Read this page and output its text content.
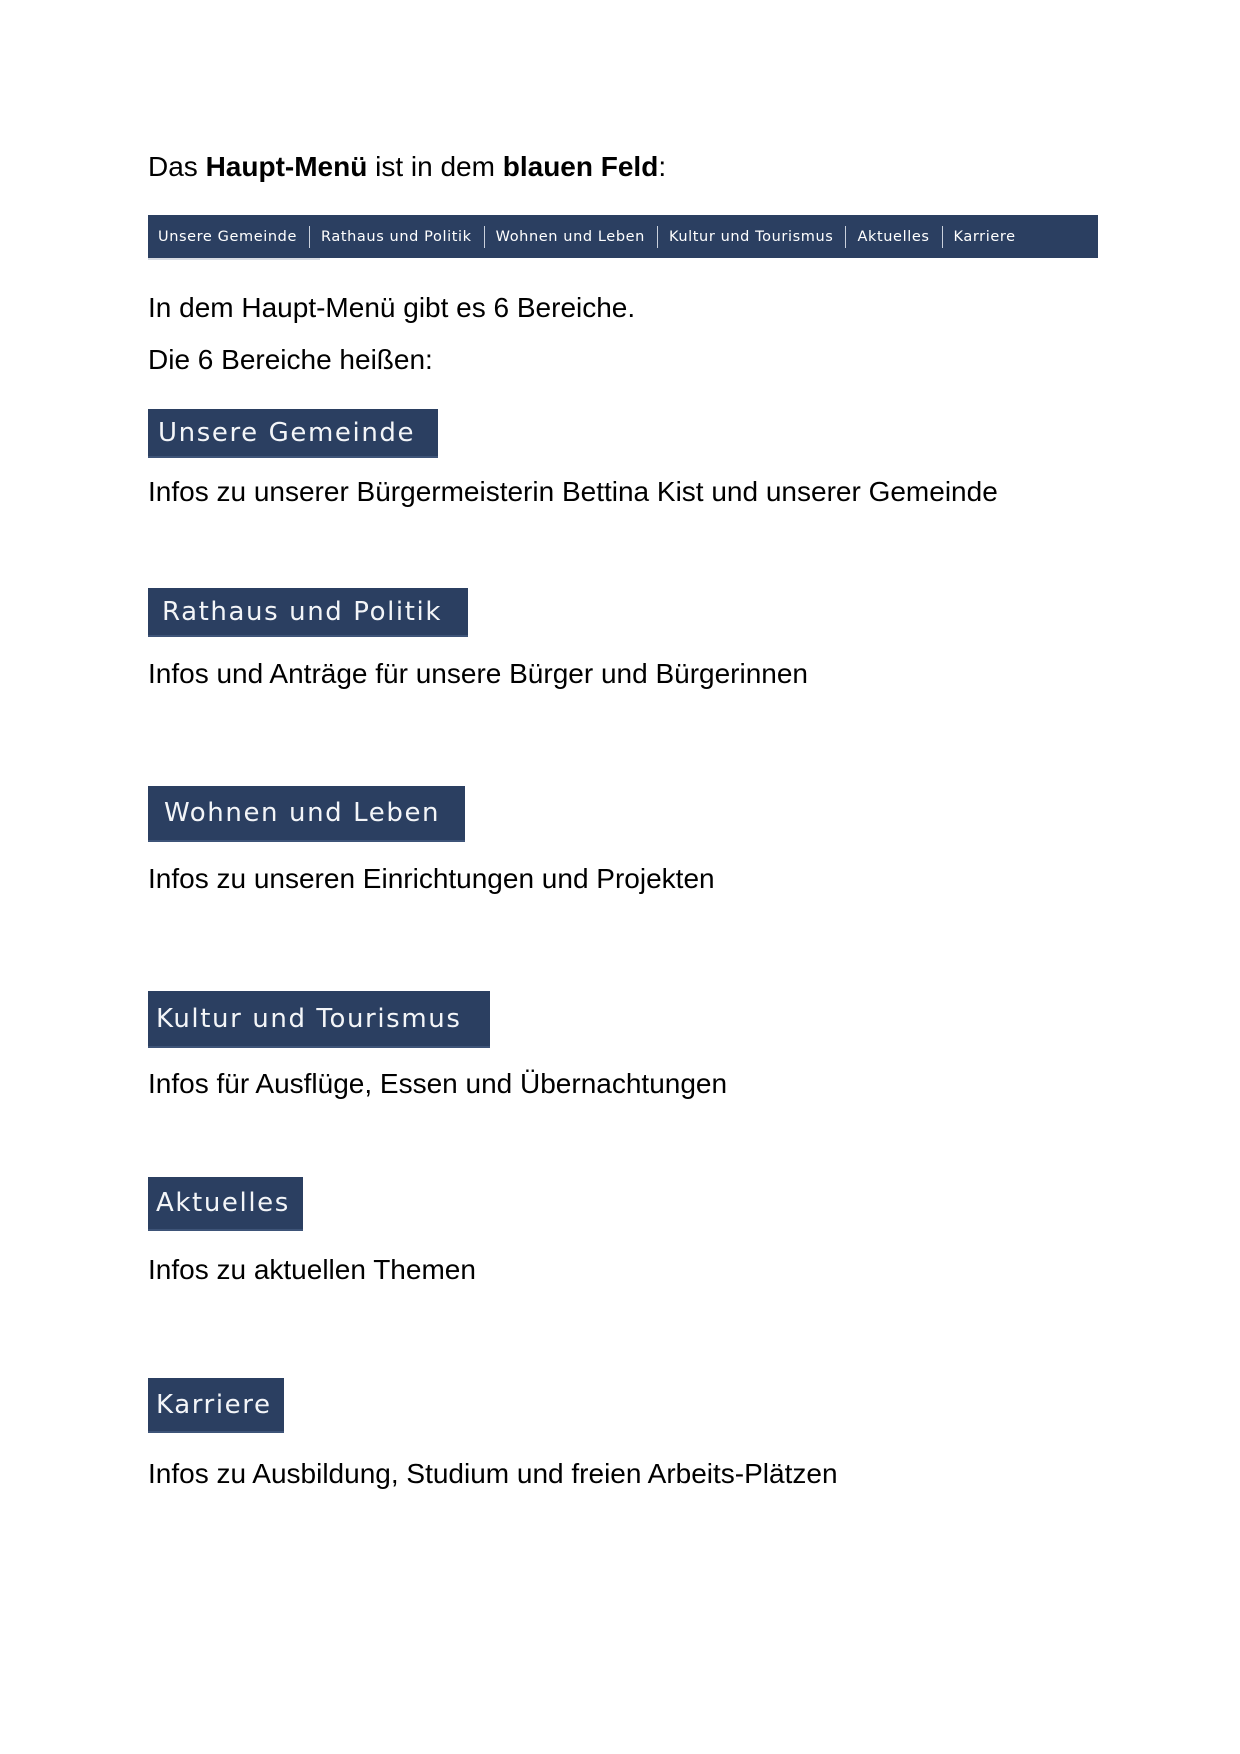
Das Haupt-Menü ist in dem blauen Feld:

Unsere Gemeinde	Rathaus und Politik	Wohnen und Leben	Kultur und Tourismus	Aktuelles	Karriere

In dem Haupt-Menü gibt es 6 Bereiche.

Die 6 Bereiche heißen:

Unsere Gemeinde

Infos zu unserer Bürgermeisterin Bettina Kist und unserer Gemeinde

Rathaus und Politik

Infos und Anträge für unsere Bürger und Bürgerinnen

Wohnen und Leben

Infos zu unseren Einrichtungen und Projekten

Kultur und Tourismus

Infos für Ausflüge, Essen und Übernachtungen

Aktuelles

Infos zu aktuellen Themen

Karriere

Infos zu Ausbildung, Studium und freien Arbeits-Plätzen
